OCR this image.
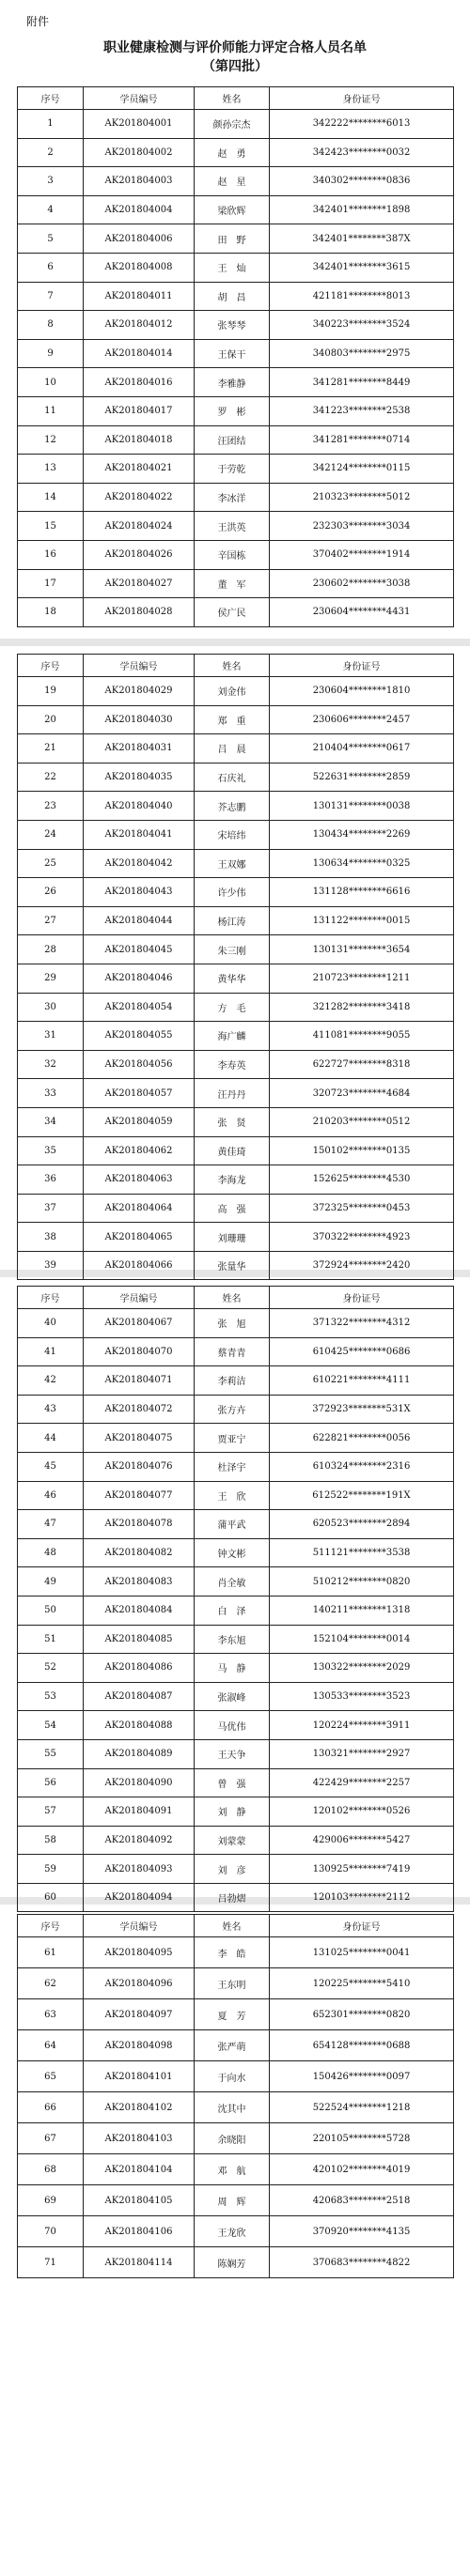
附件
职业健康检测与评价师能力评定合格人员名单
（第四批）
序号	学员编号	姓名	身份证号
1	AK201804001	颜孙宗杰	342222********6013
2	AK201804002	赵　勇	342423********0032
3	AK201804003	赵　星	340302********0836
4	AK201804004	梁欣辉	342401********1898
5	AK201804006	田　野	342401********387X
6	AK201804008	王　灿	342401********3615
7	AK201804011	胡　昌	421181********8013
8	AK201804012	张琴琴	340223********3524
9	AK201804014	王保干	340803********2975
10	AK201804016	李雅静	341281********8449
11	AK201804017	罗　彬	341223********2538
12	AK201804018	汪团结	341281********0714
13	AK201804021	于劳乾	342124********0115
14	AK201804022	李冰洋	210323********5012
15	AK201804024	王洪英	232303********3034
16	AK201804026	辛国栋	370402********1914
17	AK201804027	董　军	230602********3038
18	AK201804028	侯广民	230604********4431
序号	学员编号	姓名	身份证号
19	AK201804029	刘金伟	230604********1810
20	AK201804030	郑　重	230606********2457
21	AK201804031	吕　晨	210404********0617
22	AK201804035	石庆礼	522631********2859
23	AK201804040	芥志鹏	130131********0038
24	AK201804041	宋培纬	130434********2269
25	AK201804042	王双娜	130634********0325
26	AK201804043	许少伟	131128********6616
27	AK201804044	杨江涛	131122********0015
28	AK201804045	朱三刚	130131********3654
29	AK201804046	黄华华	210723********1211
30	AK201804054	方　毛	321282********3418
31	AK201804055	海广麟	411081********9055
32	AK201804056	李寿英	622727********8318
33	AK201804057	汪丹丹	320723********4684
34	AK201804059	张　贤	210203********0512
35	AK201804062	黄佳琦	150102********0135
36	AK201804063	李海龙	152625********4530
37	AK201804064	高　强	372325********0453
38	AK201804065	刘珊珊	370322********4923
39	AK201804066	张量华	372924********2420
序号	学员编号	姓名	身份证号
40	AK201804067	张　旭	371322********4312
41	AK201804070	蔡青青	610425********0686
42	AK201804071	李莉洁	610221********4111
43	AK201804072	张方卉	372923********531X
44	AK201804075	贾亚宁	622821********0056
45	AK201804076	杜泽宇	610324********2316
46	AK201804077	王　欣	612522********191X
47	AK201804078	蒲平武	620523********2894
48	AK201804082	钟文彬	511121********3538
49	AK201804083	肖全敏	510212********0820
50	AK201804084	白　泽	140211********1318
51	AK201804085	李东旭	152104********0014
52	AK201804086	马　静	130322********2029
53	AK201804087	张淑峰	130533********3523
54	AK201804088	马优伟	120224********3911
55	AK201804089	王天争	130321********2927
56	AK201804090	曾　强	422429********2257
57	AK201804091	刘　静	120102********0526
58	AK201804092	刘蒙蒙	429006********5427
59	AK201804093	刘　彦	130925********7419
60	AK201804094	吕勃熠	120103********2112
序号	学员编号	姓名	身份证号
61	AK201804095	李　皓	131025********0041
62	AK201804096	王东明	120225********5410
63	AK201804097	夏　芳	652301********0820
64	AK201804098	张严萌	654128********0688
65	AK201804101	于向水	150426********0097
66	AK201804102	沈其中	522524********1218
67	AK201804103	余晓阳	220105********5728
68	AK201804104	邓　航	420102********4019
69	AK201804105	周　辉	420683********2518
70	AK201804106	王龙欣	370920********4135
71	AK201804114	陈娴芳	370683********4822
